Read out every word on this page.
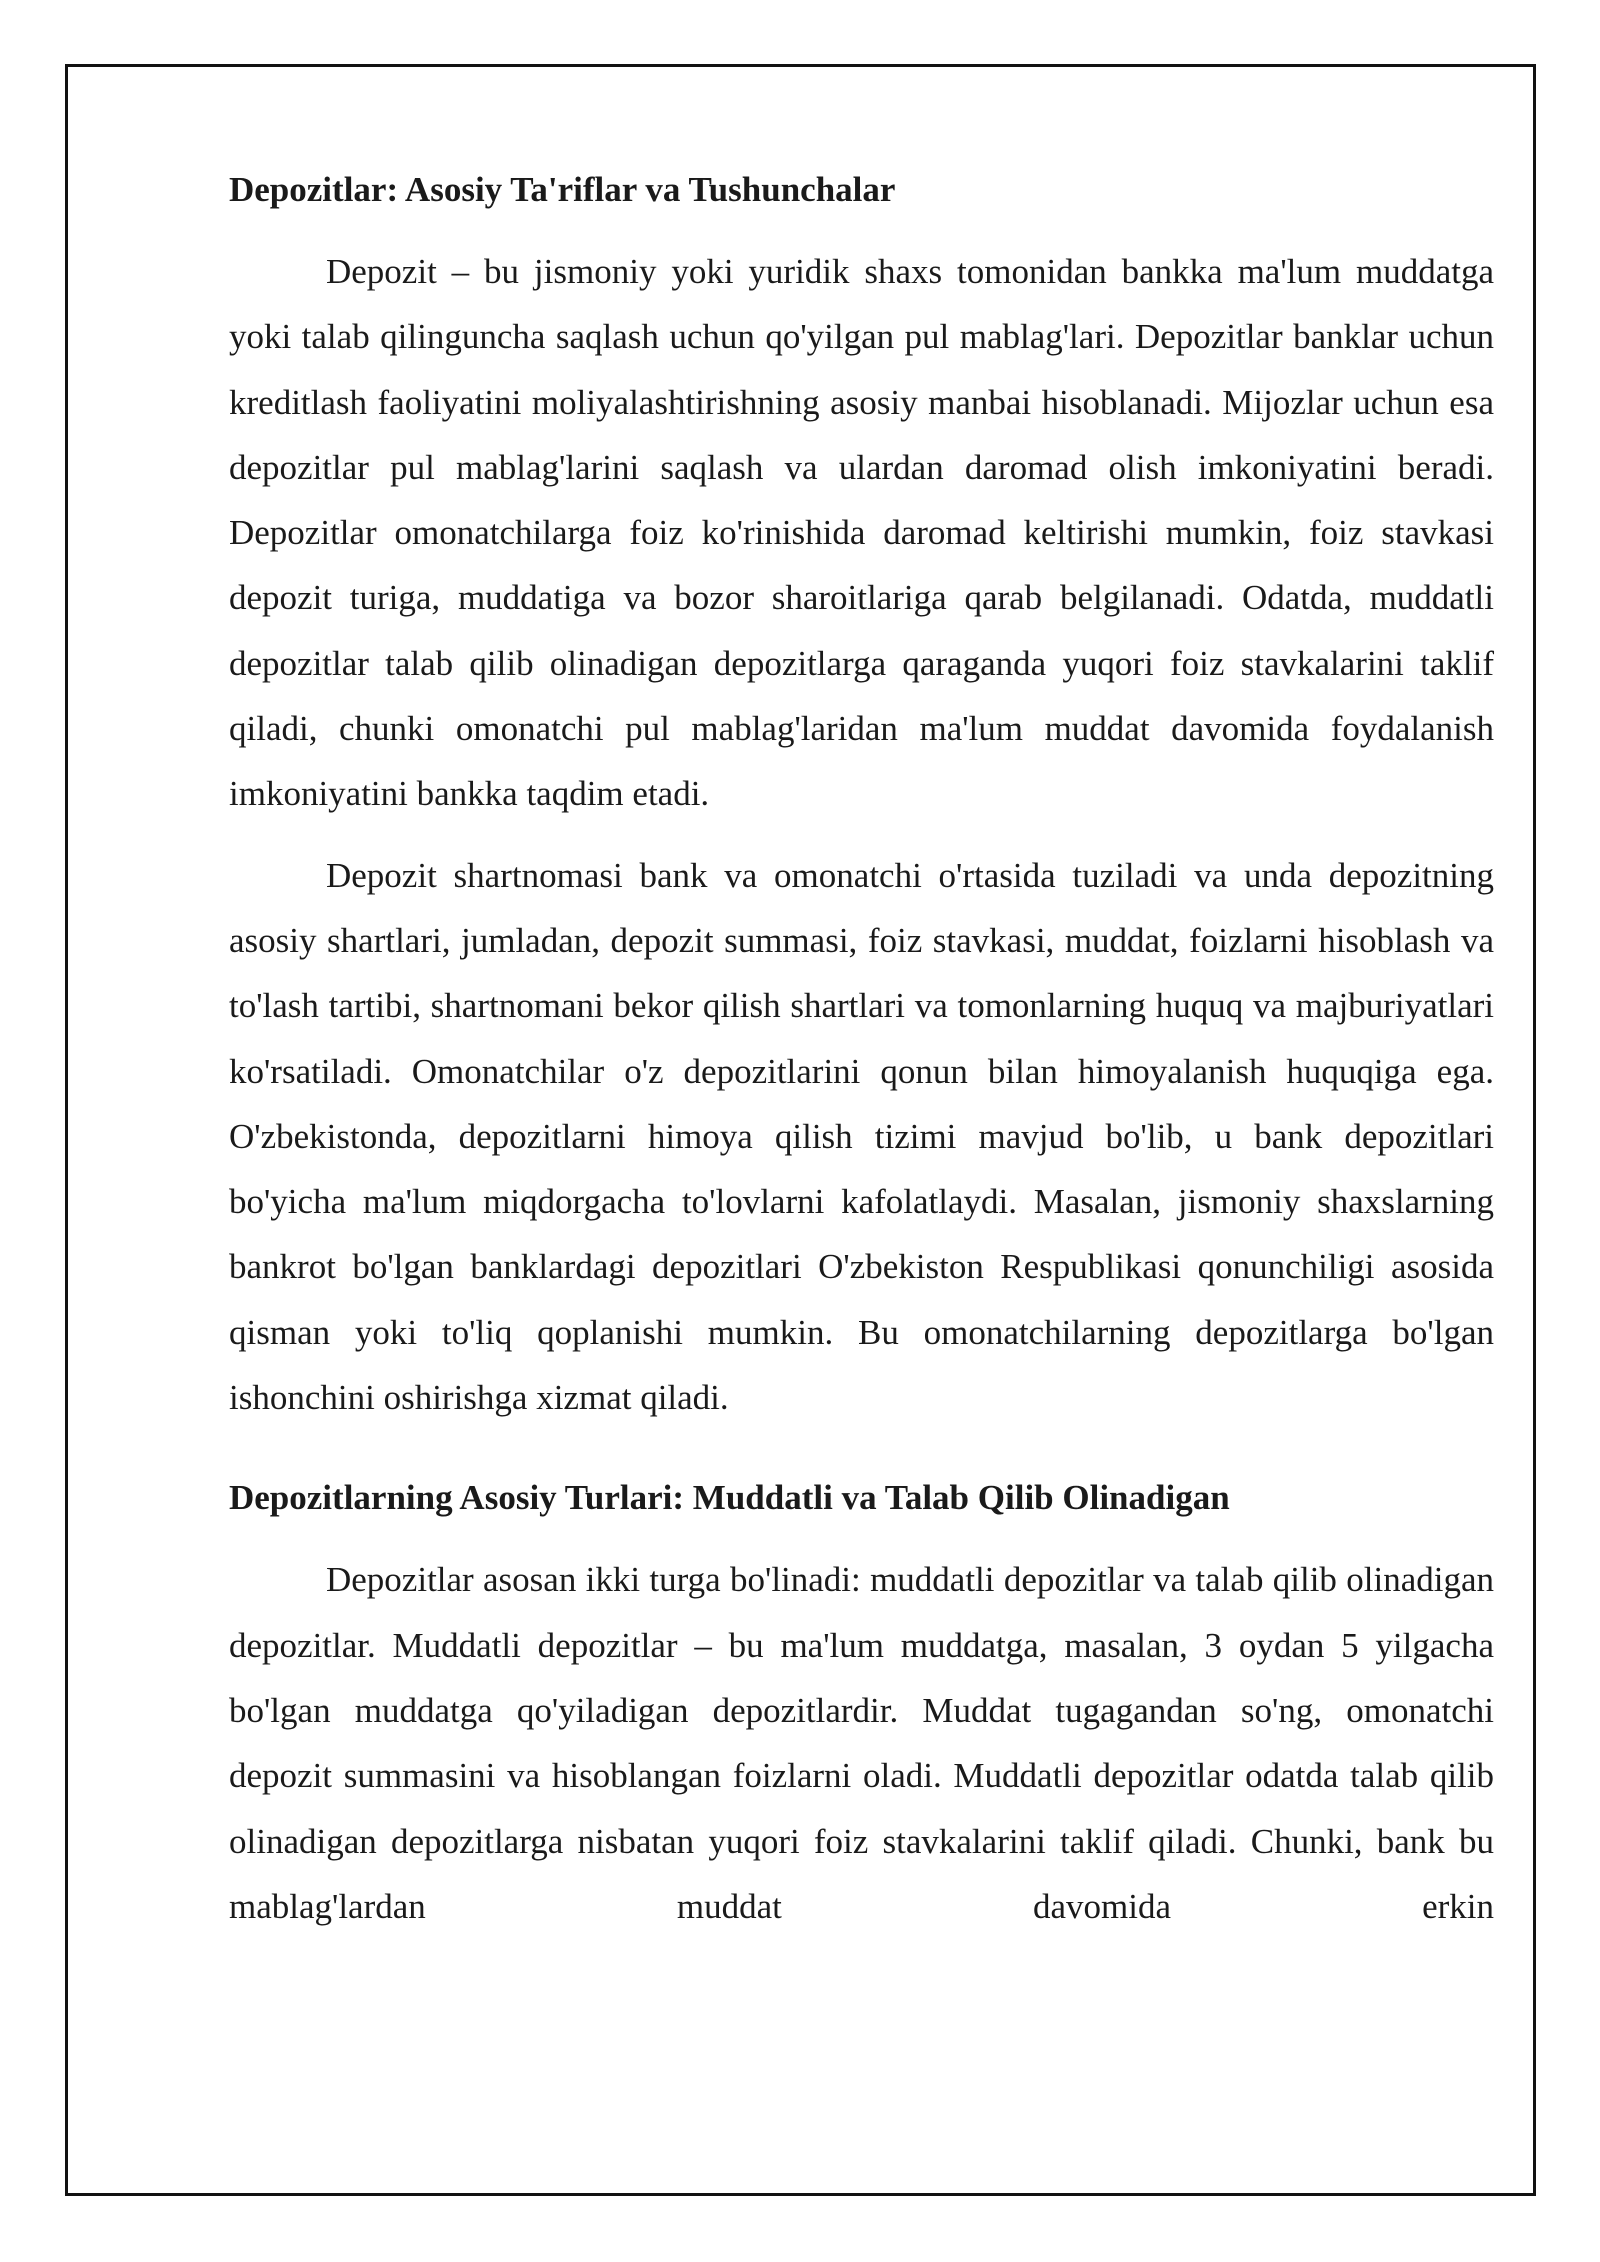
Depozitlar: Asosiy Ta'riflar va Tushunchalar

Depozit – bu jismoniy yoki yuridik shaxs tomonidan bankka ma'lum muddatga yoki talab qilinguncha saqlash uchun qo'yilgan pul mablag'lari. Depozitlar banklar uchun kreditlash faoliyatini moliyalashtirishning asosiy manbai hisoblanadi. Mijozlar uchun esa depozitlar pul mablag'larini saqlash va ulardan daromad olish imkoniyatini beradi. Depozitlar omonatchilarga foiz ko'rinishida daromad keltirishi mumkin, foiz stavkasi depozit turiga, muddatiga va bozor sharoitlariga qarab belgilanadi. Odatda, muddatli depozitlar talab qilib olinadigan depozitlarga qaraganda yuqori foiz stavkalarini taklif qiladi, chunki omonatchi pul mablag'laridan ma'lum muddat davomida foydalanish imkoniyatini bankka taqdim etadi.

Depozit shartnomasi bank va omonatchi o'rtasida tuziladi va unda depozitning asosiy shartlari, jumladan, depozit summasi, foiz stavkasi, muddat, foizlarni hisoblash va to'lash tartibi, shartnomani bekor qilish shartlari va tomonlarning huquq va majburiyatlari ko'rsatiladi. Omonatchilar o'z depozitlarini qonun bilan himoyalanish huquqiga ega. O'zbekistonda, depozitlarni himoya qilish tizimi mavjud bo'lib, u bank depozitlari bo'yicha ma'lum miqdorgacha to'lovlarni kafolatlaydi. Masalan, jismoniy shaxslarning bankrot bo'lgan banklardagi depozitlari O'zbekiston Respublikasi qonunchiligi asosida qisman yoki to'liq qoplanishi mumkin. Bu omonatchilarning depozitlarga bo'lgan ishonchini oshirishga xizmat qiladi.

Depozitlarning Asosiy Turlari: Muddatli va Talab Qilib Olinadigan

Depozitlar asosan ikki turga bo'linadi: muddatli depozitlar va talab qilib olinadigan depozitlar. Muddatli depozitlar – bu ma'lum muddatga, masalan, 3 oydan 5 yilgacha bo'lgan muddatga qo'yiladigan depozitlardir. Muddat tugagandan so'ng, omonatchi depozit summasini va hisoblangan foizlarni oladi. Muddatli depozitlar odatda talab qilib olinadigan depozitlarga nisbatan yuqori foiz stavkalarini taklif qiladi. Chunki, bank bu mablag'lardan muddat davomida erkin
